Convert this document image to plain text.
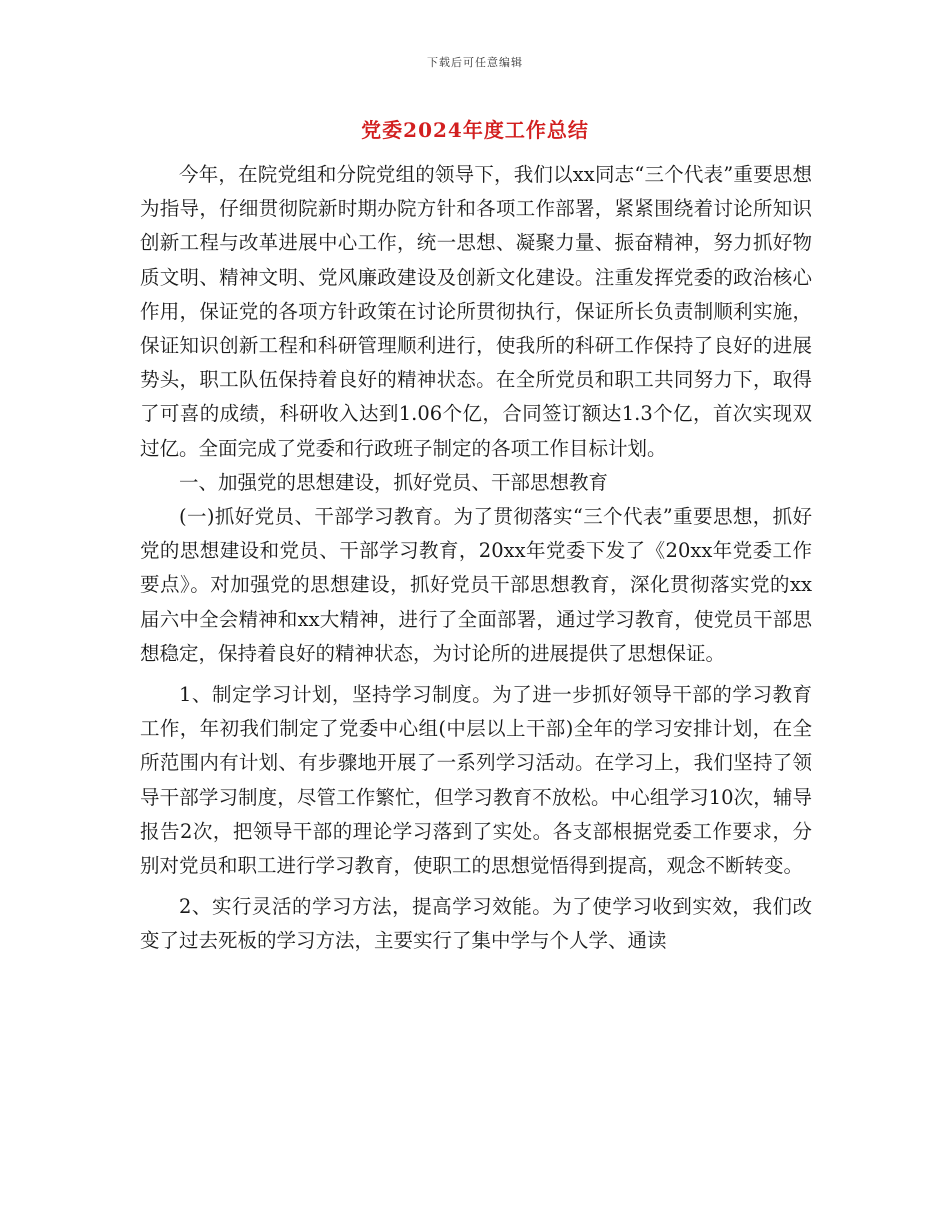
下载后可任意编辑
党委2024年度工作总结

今年，在院党组和分院党组的领导下，我们以xx同志“三个代表”重要思想为指导，仔细贯彻院新时期办院方针和各项工作部署，紧紧围绕着讨论所知识创新工程与改革进展中心工作，统一思想、凝聚力量、振奋精神，努力抓好物质文明、精神文明、党风廉政建设及创新文化建设。注重发挥党委的政治核心作用，保证党的各项方针政策在讨论所贯彻执行，保证所长负责制顺利实施，保证知识创新工程和科研管理顺利进行，使我所的科研工作保持了良好的进展势头，职工队伍保持着良好的精神状态。在全所党员和职工共同努力下，取得了可喜的成绩，科研收入达到1.06个亿，合同签订额达1.3个亿，首次实现双过亿。全面完成了党委和行政班子制定的各项工作目标计划。

一、加强党的思想建设，抓好党员、干部思想教育

(一)抓好党员、干部学习教育。为了贯彻落实“三个代表”重要思想，抓好党的思想建设和党员、干部学习教育，20xx年党委下发了《20xx年党委工作要点》。对加强党的思想建设，抓好党员干部思想教育，深化贯彻落实党的xx届六中全会精神和xx大精神，进行了全面部署，通过学习教育，使党员干部思想稳定，保持着良好的精神状态，为讨论所的进展提供了思想保证。

1、制定学习计划，坚持学习制度。为了进一步抓好领导干部的学习教育工作，年初我们制定了党委中心组(中层以上干部)全年的学习安排计划，在全所范围内有计划、有步骤地开展了一系列学习活动。在学习上，我们坚持了领导干部学习制度，尽管工作繁忙，但学习教育不放松。中心组学习10次，辅导报告2次，把领导干部的理论学习落到了实处。各支部根据党委工作要求，分别对党员和职工进行学习教育，使职工的思想觉悟得到提高，观念不断转变。

2、实行灵活的学习方法，提高学习效能。为了使学习收到实效，我们改变了过去死板的学习方法，主要实行了集中学与个人学、通读
